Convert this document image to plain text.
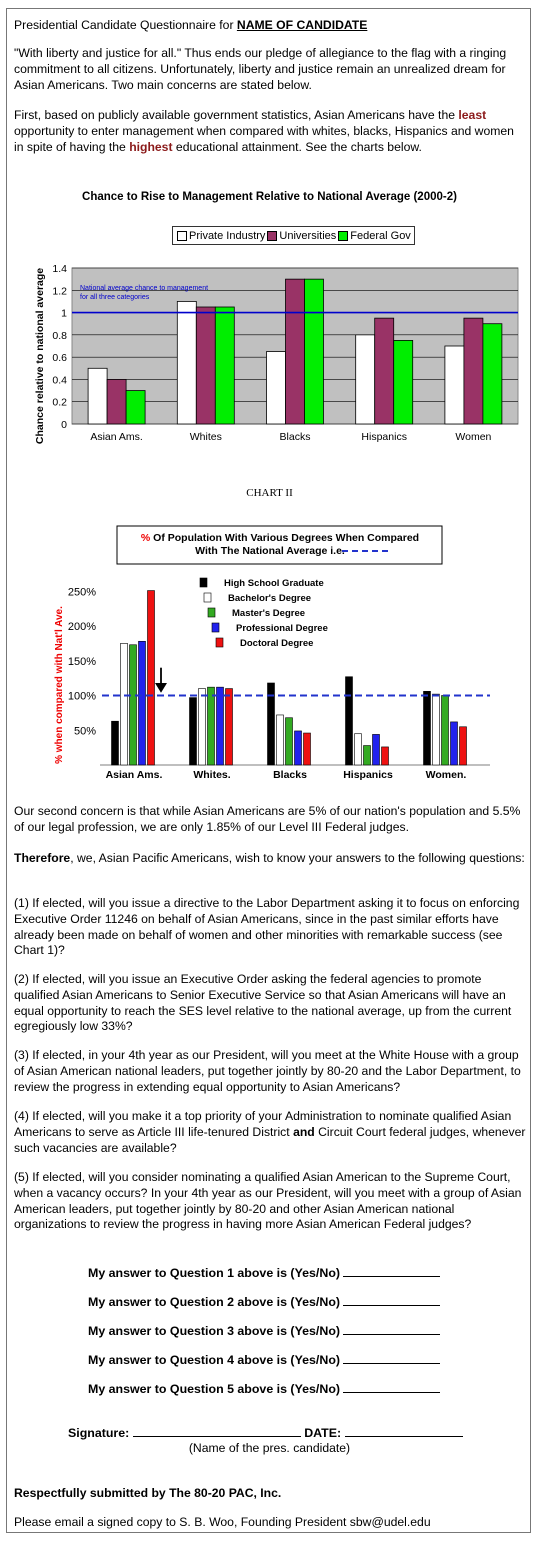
Presidential Candidate Questionnaire for NAME OF CANDIDATE

"With liberty and justice for all." Thus ends our pledge of allegiance to the flag with a ringing commitment to all citizens. Unfortunately, liberty and justice remain an unrealized dream for Asian Americans. Two main concerns are stated below.

First, based on publicly available government statistics, Asian Americans have the least opportunity to enter management when compared with whites, blacks, Hispanics and women in spite of having the highest educational attainment. See the charts below.

Chance to Rise to Management Relative to National Average (2000-2)
Private Industry Universities Federal Gov
0
0.2
0.4
0.6
0.8
1
1.2
1.4
Asian Ams.	Whites	Blacks	Hispanics	Women
National average chance to management
for all three categories
Chance relative to national average
CHART II
% Of Population With Various Degrees When Compared
With The National Average i.e.
50%
100%
150%
200%
250%
Asian Ams.	Whites.	Blacks	Hispanics	Women.
High School Graduate
Bachelor's Degree
Master's Degree
Professional Degree
Doctoral Degree
% when compared with Nat'l Ave.

Our second concern is that while Asian Americans are 5% of our nation's population and 5.5% of our legal profession, we are only 1.85% of our Level III Federal judges.

Therefore, we, Asian Pacific Americans, wish to know your answers to the following questions:

(1) If elected, will you issue a directive to the Labor Department asking it to focus on enforcing Executive Order 11246 on behalf of Asian Americans, since in the past similar efforts have already been made on behalf of women and other minorities with remarkable success (see Chart 1)?

(2) If elected, will you issue an Executive Order asking the federal agencies to promote qualified Asian Americans to Senior Executive Service so that Asian Americans will have an equal opportunity to reach the SES level relative to the national average, up from the current egregiously low 33%?

(3) If elected, in your 4th year as our President, will you meet at the White House with a group of Asian American national leaders, put together jointly by 80-20 and the Labor Department, to review the progress in extending equal opportunity to Asian Americans?

(4) If elected, will you make it a top priority of your Administration to nominate qualified Asian Americans to serve as Article III life-tenured District and Circuit Court federal judges, whenever such vacancies are available?

(5) If elected, will you consider nominating a qualified Asian American to the Supreme Court, when a vacancy occurs? In your 4th year as our President, will you meet with a group of Asian American leaders, put together jointly by 80-20 and other Asian American national organizations to review the progress in having more Asian American Federal judges?

My answer to Question 1 above is (Yes/No)
My answer to Question 2 above is (Yes/No)
My answer to Question 3 above is (Yes/No)
My answer to Question 4 above is (Yes/No)
My answer to Question 5 above is (Yes/No)
Signature:	DATE:
(Name of the pres. candidate)

Respectfully submitted by The 80-20 PAC, Inc.

Please email a signed copy to S. B. Woo, Founding President sbw@udel.edu
